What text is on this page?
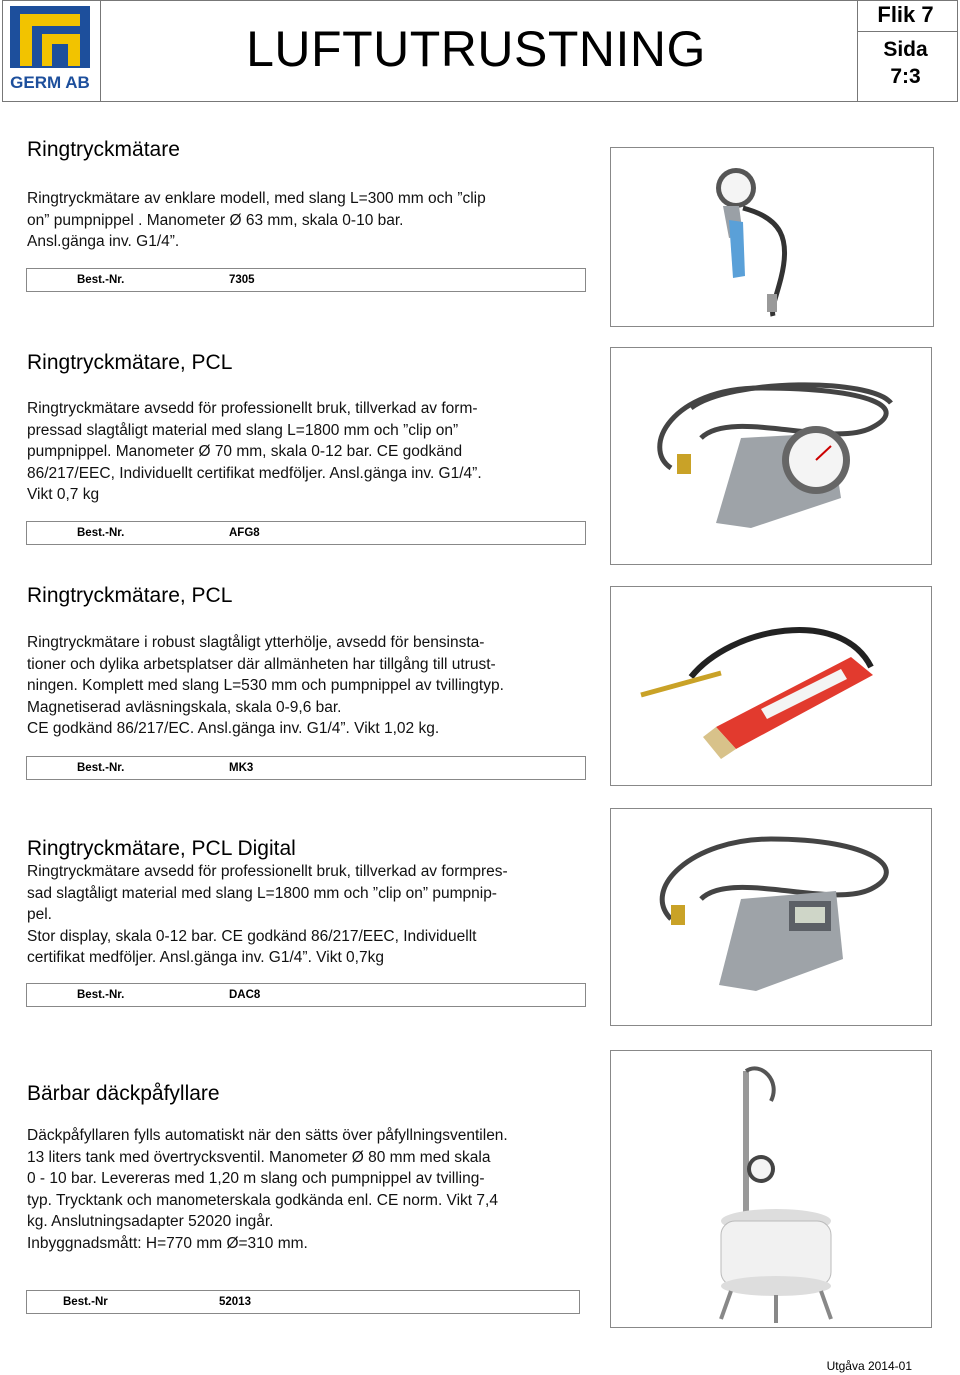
GERM AB
LUFTUTRUSTNING
Flik 7
Sida
7:3
Ringtryckmätare
Ringtryckmätare av enklare modell, med slang L=300 mm och ”clip
on” pumpnippel . Manometer Ø 63 mm, skala 0-10 bar.
Ansl.gänga inv. G1/4”.
Best.-Nr.	7305
Ringtryckmätare, PCL
Ringtryckmätare avsedd för professionellt bruk, tillverkad av form-
pressad slagtåligt material med slang L=1800 mm och ”clip on”
pumpnippel. Manometer Ø 70 mm, skala 0-12 bar. CE godkänd
86/217/EEC, Individuellt certifikat medföljer. Ansl.gänga inv. G1/4”.
Vikt 0,7 kg
Best.-Nr.	AFG8
Ringtryckmätare, PCL
Ringtryckmätare i robust slagtåligt ytterhölje, avsedd för bensinsta-
tioner och dylika arbetsplatser där allmänheten har tillgång till utrust-
ningen. Komplett med slang L=530 mm och pumpnippel av tvillingtyp.
Magnetiserad avläsningskala, skala 0-9,6 bar.
CE godkänd 86/217/EC. Ansl.gänga inv. G1/4”. Vikt 1,02 kg.
Best.-Nr.	MK3
Ringtryckmätare, PCL Digital
Ringtryckmätare avsedd för professionellt bruk, tillverkad av formpres-
sad slagtåligt material med slang L=1800 mm och ”clip on” pumpnip-
pel.
Stor display, skala 0-12 bar. CE godkänd 86/217/EEC, Individuellt
certifikat medföljer. Ansl.gänga inv. G1/4”. Vikt 0,7kg
Best.-Nr.	DAC8
Bärbar däckpåfyllare
Däckpåfyllaren fylls automatiskt när den sätts över påfyllningsventilen.
13 liters tank med övertrycksventil. Manometer Ø 80 mm med skala
0 - 10 bar. Levereras med 1,20 m slang och pumpnippel av tvilling-
typ. Trycktank och manometerskala godkända enl. CE norm. Vikt 7,4
kg. Anslutningsadapter 52020 ingår.
Inbyggnadsmått: H=770 mm Ø=310 mm.
Best.-Nr	52013
Utgåva 2014-01
